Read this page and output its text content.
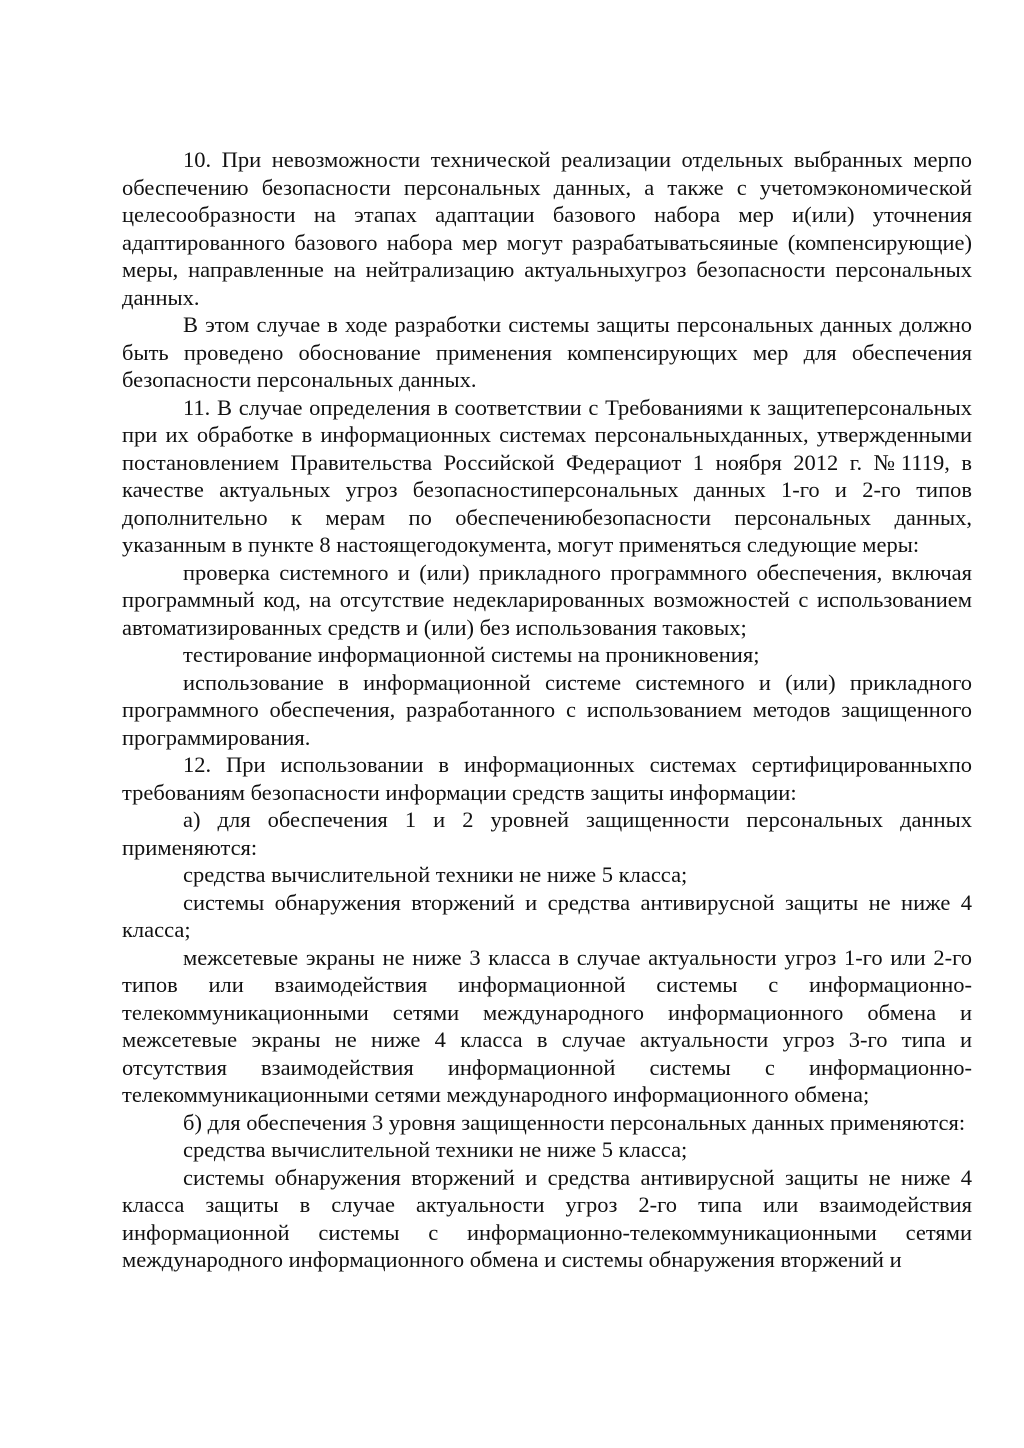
10. При невозможности технической реализации отдельных выбранных мерпо обеспечению безопасности персональных данных, а также с учетомэкономической целесообразности на этапах адаптации базового набора мер и(или) уточнения адаптированного базового набора мер могут разрабатыватьсяиные (компенсирующие) меры, направленные на нейтрализацию актуальныхугроз безопасности персональных данных.

В этом случае в ходе разработки системы защиты персональных данных должно быть проведено обоснование применения компенсирующих мер для обеспечения безопасности персональных данных.

11. В случае определения в соответствии с Требованиями к защитеперсональных при их обработке в информационных системах персональныхданных, утвержденными постановлением Правительства Российской Федерациoт 1 ноября 2012 г. №1119, в качестве актуальных угроз безопасностиперсональных данных 1-го и 2-го типов дополнительно к мерам по обеспечениюбезопасности персональных данных, указанным в пункте 8 настоящегодокумента, могут применяться следующие меры:

проверка системного и (или) прикладного программного обеспечения, включая программный код, на отсутствие недекларированных возможностей с использованием автоматизированных средств и (или) без использования таковых;

тестирование информационной системы на проникновения;

использование в информационной системе системного и (или) прикладного программного обеспечения, разработанного с использованием методов защищенного программирования.

12. При использовании в информационных системах сертифицированныхпо требованиям безопасности информации средств защиты информации:

а) для обеспечения 1 и 2 уровней защищенности персональных данных применяются:

средства вычислительной техники не ниже 5 класса;

системы обнаружения вторжений и средства антивирусной защиты не ниже 4 класса;

межсетевые экраны не ниже 3 класса в случае актуальности угроз 1-го или 2-го типов или взаимодействия информационной системы с информационно-телекоммуникационными сетями международного информационного обмена и межсетевые экраны не ниже 4 класса в случае актуальности угроз 3-го типа и отсутствия взаимодействия информационной системы с информационно-телекоммуникационными сетями международного информационного обмена;

б) для обеспечения 3 уровня защищенности персональных данных применяются:

средства вычислительной техники не ниже 5 класса;

системы обнаружения вторжений и средства антивирусной защиты не ниже 4 класса защиты в случае актуальности угроз 2-го типа или взаимодействия информационной системы с информационно-телекоммуникационными сетями международного информационного обмена и системы обнаружения вторжений и
